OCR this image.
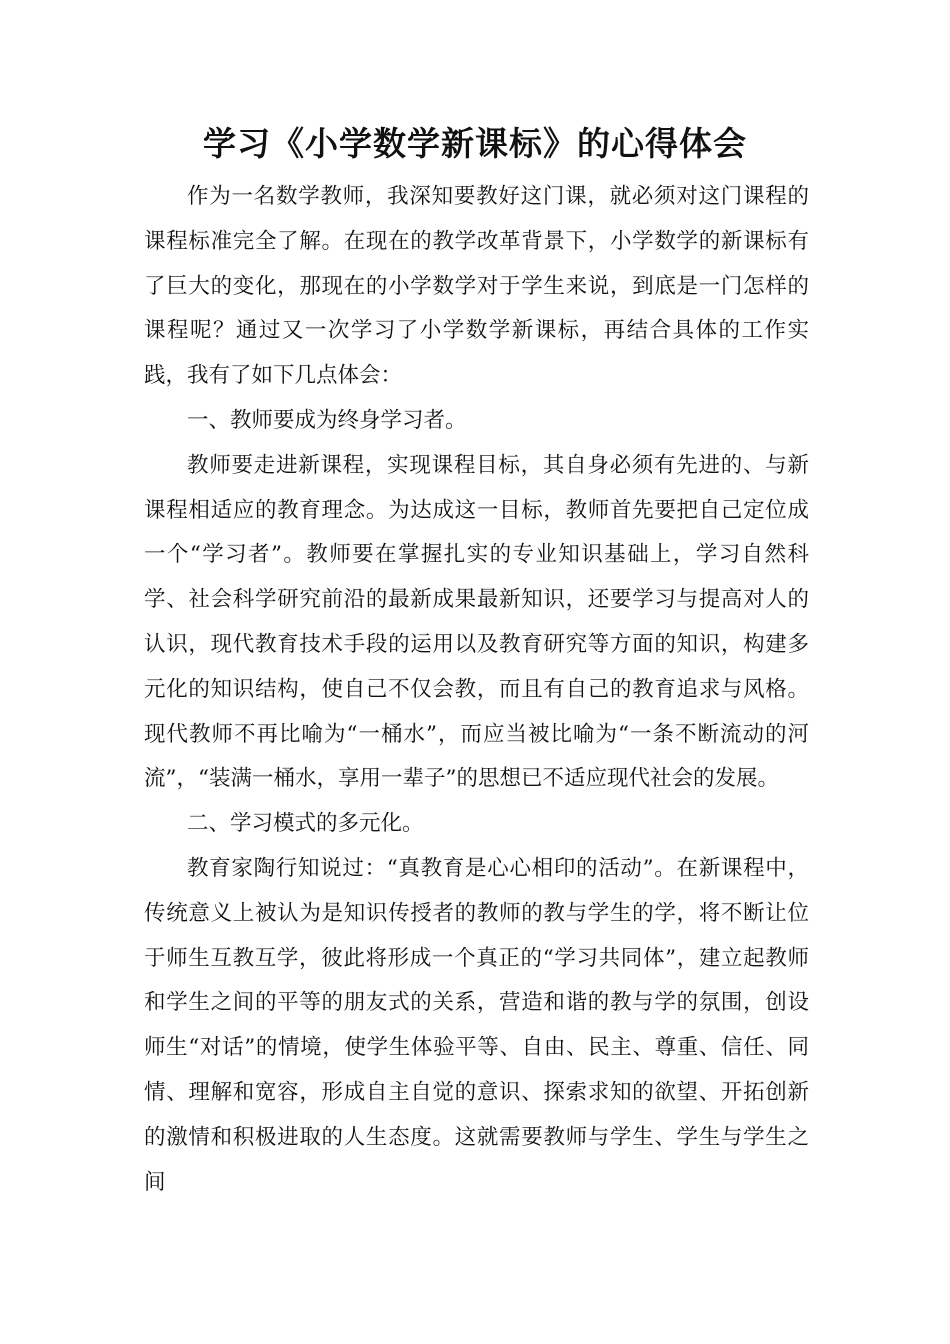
学习《小学数学新课标》的心得体会

作为一名数学教师，我深知要教好这门课，就必须对这门课程的课程标准完全了解。在现在的教学改革背景下，小学数学的新课标有了巨大的变化，那现在的小学数学对于学生来说，到底是一门怎样的课程呢？通过又一次学习了小学数学新课标，再结合具体的工作实践，我有了如下几点体会：

一、教师要成为终身学习者。

教师要走进新课程，实现课程目标，其自身必须有先进的、与新课程相适应的教育理念。为达成这一目标，教师首先要把自己定位成一个“学习者”。教师要在掌握扎实的专业知识基础上，学习自然科学、社会科学研究前沿的最新成果最新知识，还要学习与提高对人的认识，现代教育技术手段的运用以及教育研究等方面的知识，构建多元化的知识结构，使自己不仅会教，而且有自己的教育追求与风格。现代教师不再比喻为“一桶水”，而应当被比喻为“一条不断流动的河流”，“装满一桶水，享用一辈子”的思想已不适应现代社会的发展。

二、学习模式的多元化。

教育家陶行知说过：“真教育是心心相印的活动”。在新课程中，传统意义上被认为是知识传授者的教师的教与学生的学，将不断让位于师生互教互学，彼此将形成一个真正的“学习共同体”，建立起教师和学生之间的平等的朋友式的关系，营造和谐的教与学的氛围，创设师生“对话”的情境，使学生体验平等、自由、民主、尊重、信任、同情、理解和宽容，形成自主自觉的意识、探索求知的欲望、开拓创新的激情和积极进取的人生态度。这就需要教师与学生、学生与学生之间
